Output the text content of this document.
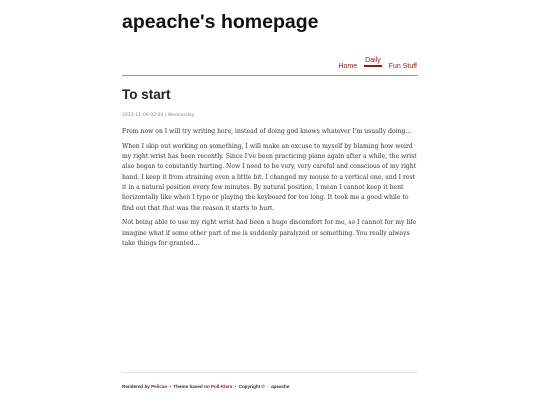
apeache's homepage
Home
Daily
Fun Stuff
To start
2022-11-09 02:04 | Wednesday

From now on I will try writing here, instead of doing god knows whatever I'm usually doing...

When I skip out working on something, I will make an excuse to myself by blaming how weird my right wrist has been recently. Since I've been practicing piano again after a while, the wrist also began to constantly hurting. Now I need to be very, very careful and conscious of my right hand. I keep it from straining even a little bit. I changed my mouse to a vertical one, and I rest it in a natural position every few minutes. By natural position, I mean I cannot keep it bent horizontally like when I type or playing the keyboard for too long. It took me a good while to find out that that was the reason it starts to hurt.

Not being able to use my right wrist had been a huge discomfort for me, so I cannot for my life imagine what if some other part of me is suddenly paralyzed or something. You really always take things for granted...

Rendered by Pelican • Theme based on Poll-Klera • Copyright © - apeache
